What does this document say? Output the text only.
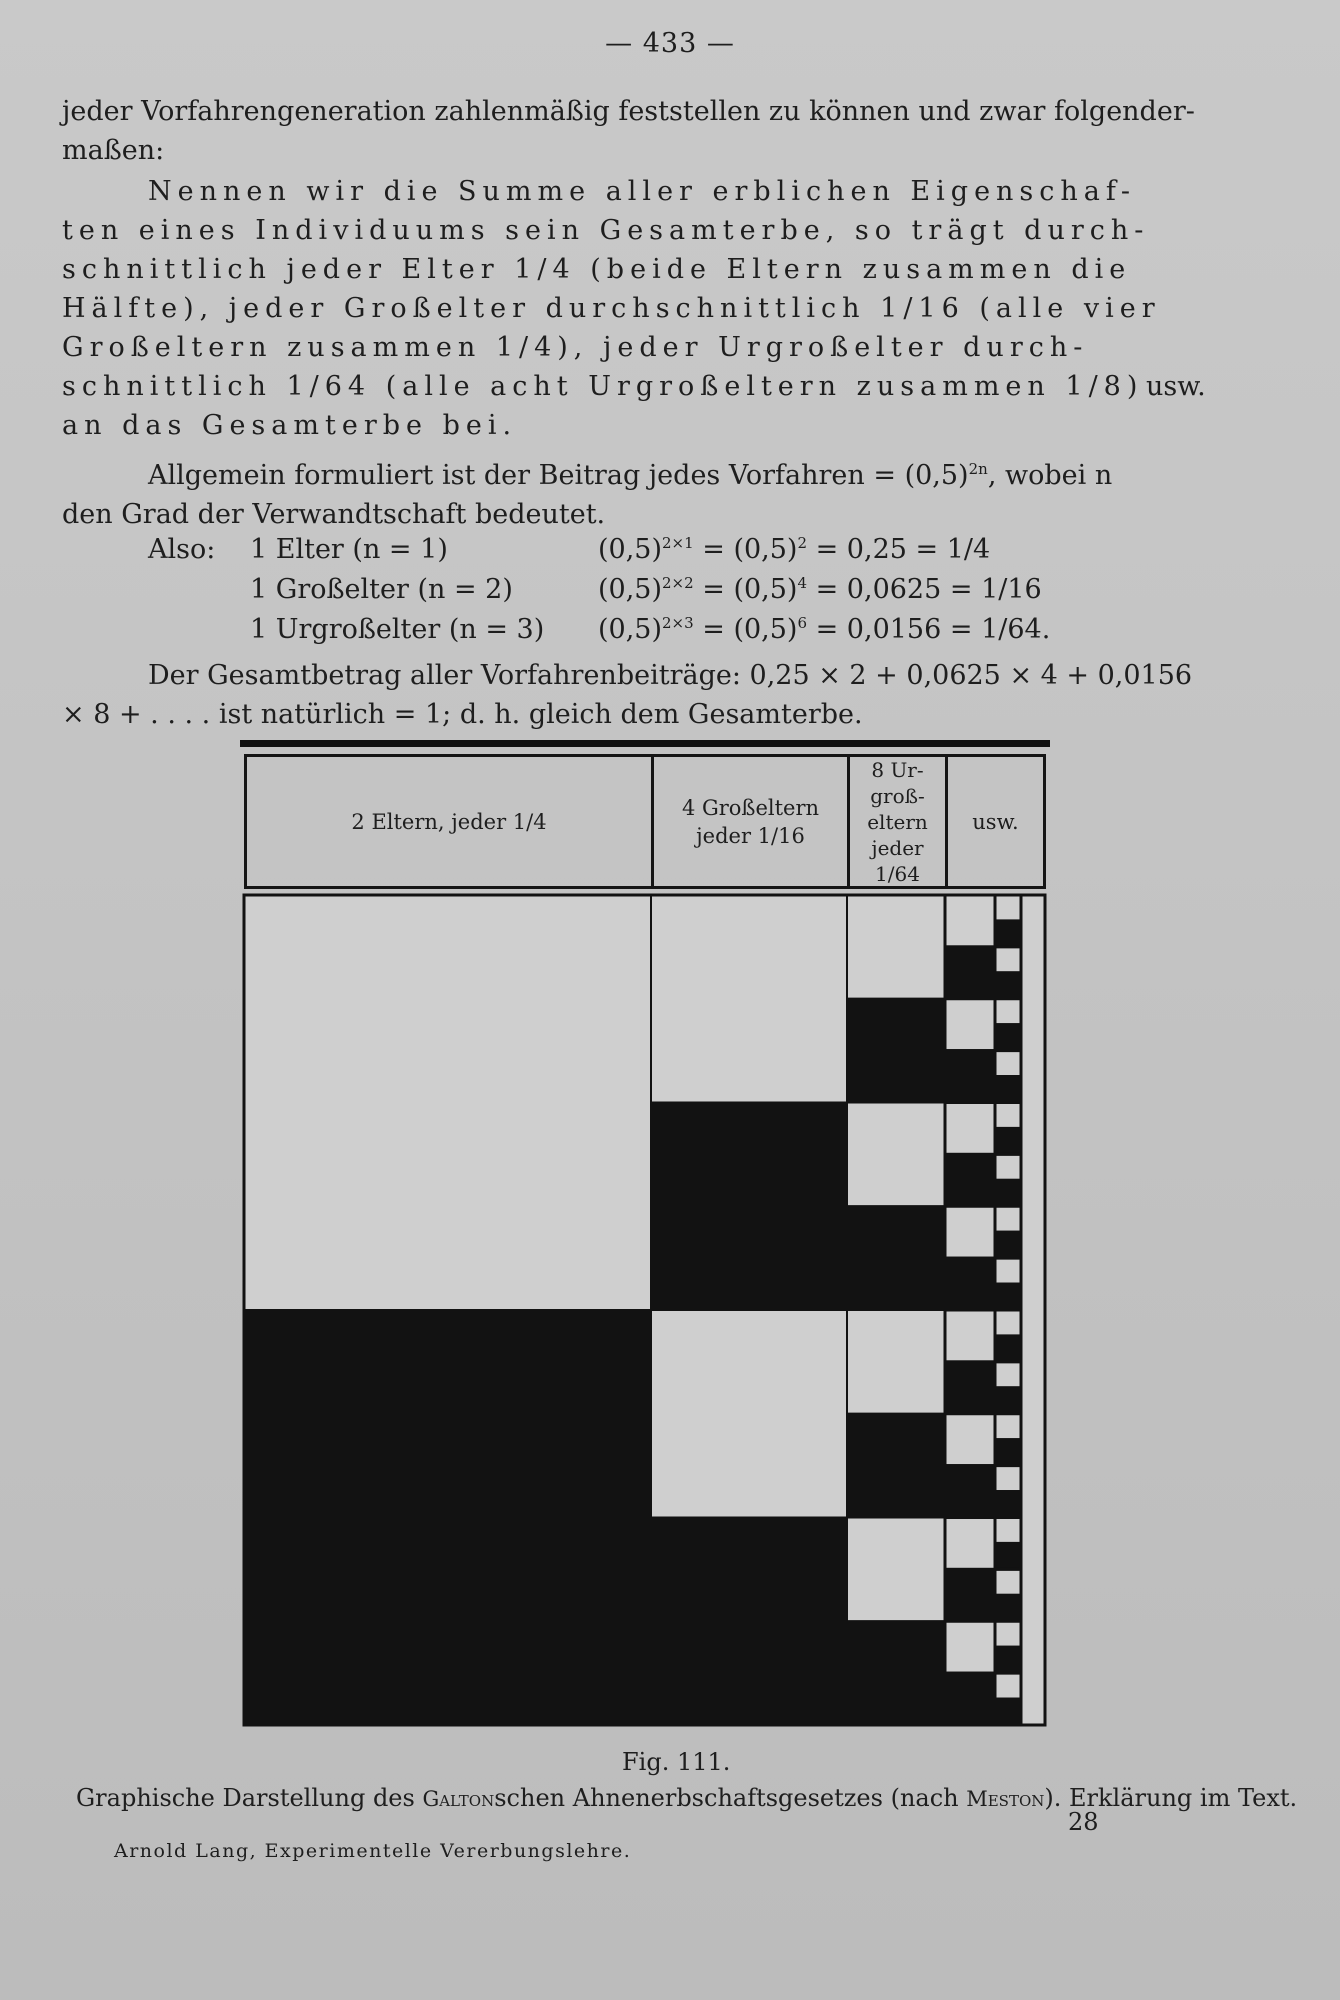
— 433 —
jeder Vorfahrengeneration zahlenmäßig feststellen zu können und zwar folgender-
maßen:
Nennen wir die Summe aller erblichen Eigenschaf-
ten eines Individuums sein Gesamterbe, so trägt durch-
schnittlich jeder Elter 1/4 (beide Eltern zusammen die
Hälfte), jeder Großelter durchschnittlich 1/16 (alle vier
Großeltern zusammen 1/4), jeder Urgroßelter durch-
schnittlich 1/64 (alle acht Urgroßeltern zusammen 1/8) usw.
an das Gesamterbe bei.
Allgemein formuliert ist der Beitrag jedes Vorfahren = $(0,5)^{2n}$, wobei n
den Grad der Verwandtschaft bedeutet.
Also: 1 Elter (n = 1)	$(0,5)^{2\times 1} = (0,5)^2 = 0,25 = 1/4$
1 Großelter (n = 2)	$(0,5)^{2\times 2} = (0,5)^4 = 0,0625 = 1/16$
1 Urgroßelter (n = 3) $(0,5)^{2\times 3} = (0,5)^6 = 0,0156 = 1/64$.
Der Gesamtbetrag aller Vorfahrenbeiträge: 0,25 × 2 + 0,0625 × 4 + 0,0156
× 8 + . . . . ist natürlich = 1; d. h. gleich dem Gesamterbe.
2 Eltern, jeder 1/4
4 Großeltern
jeder 1/16
8 Ur-
groß-
eltern
jeder 1/64
usw.
Fig. 111.
Graphische Darstellung des Galtonschen Ahnenerbschaftsgesetzes (nach Meston). Erklärung im Text.
28
Arnold Lang, Experimentelle Vererbungslehre.
